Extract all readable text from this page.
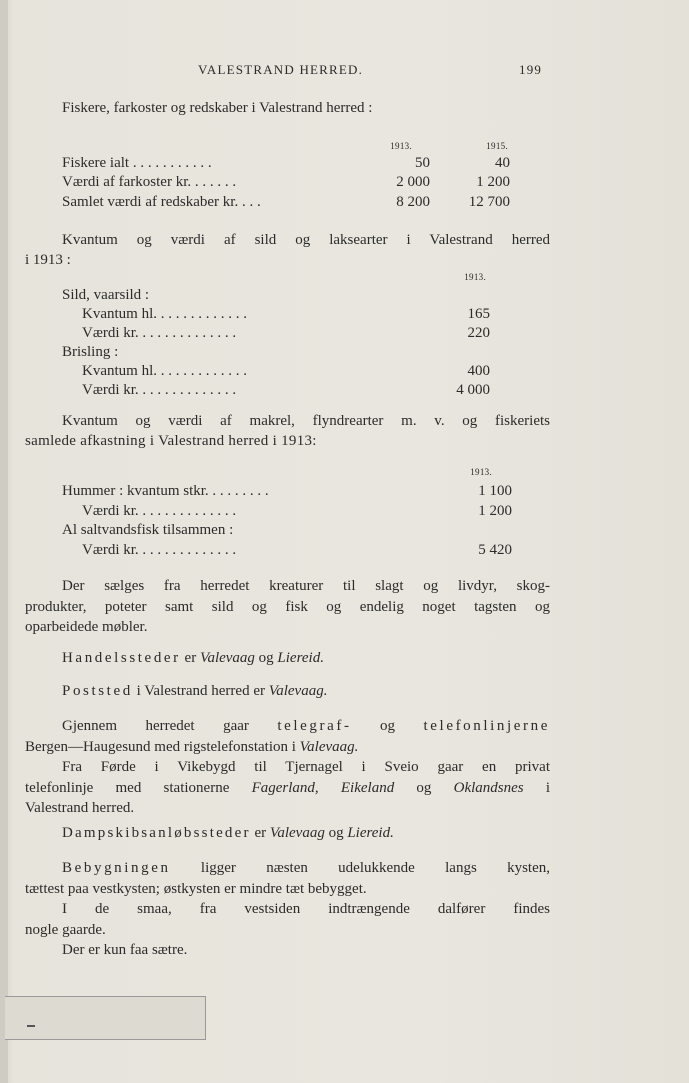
VALESTRAND HERRED.	199
Fiskere, farkoster og redskaber i Valestrand herred :
1913.	1915.
Fiskere ialt . . . . . . . . . . .	50	40
Værdi af farkoster kr. . . . . . .	2 000	1 200
Samlet værdi af redskaber kr. . . .	8 200	12 700
Kvantum og værdi af sild og laksearter i Valestrand herred
i 1913 :
1913.
Sild, vaarsild :
Kvantum hl. . . . . . . . . . . . .	165
Værdi kr. . . . . . . . . . . . . .	220
Brisling :
Kvantum hl. . . . . . . . . . . . .	400
Værdi kr. . . . . . . . . . . . . .	4 000
Kvantum og værdi af makrel, flyndrearter m. v. og fiskeriets
samlede afkastning i Valestrand herred i 1913:
1913.
Hummer : kvantum stkr. . . . . . . . .	1 100
Værdi kr. . . . . . . . . . . . . .	1 200
Al saltvandsfisk tilsammen :
Værdi kr. . . . . . . . . . . . . .	5 420
Der sælges fra herredet kreaturer til slagt og livdyr, skog-
produkter, poteter samt sild og fisk og endelig noget tagsten og
oparbeidede møbler.
Handelssteder er Valevaag og Liereid.
Poststed i Valestrand herred er Valevaag.
Gjennem herredet gaar telegraf- og telefonlinjerne
Bergen—Haugesund med rigstelefonstation i Valevaag.
Fra Førde i Vikebygd til Tjernagel i Sveio gaar en privat
telefonlinje med stationerne Fagerland, Eikeland og Oklandsnes i
Valestrand herred.
Dampskibsanløbssteder er Valevaag og Liereid.
Bebygningen ligger næsten udelukkende langs kysten,
tættest paa vestkysten; østkysten er mindre tæt bebygget.
I de smaa, fra vestsiden indtrængende dalfører findes
nogle gaarde.
Der er kun faa sætre.
